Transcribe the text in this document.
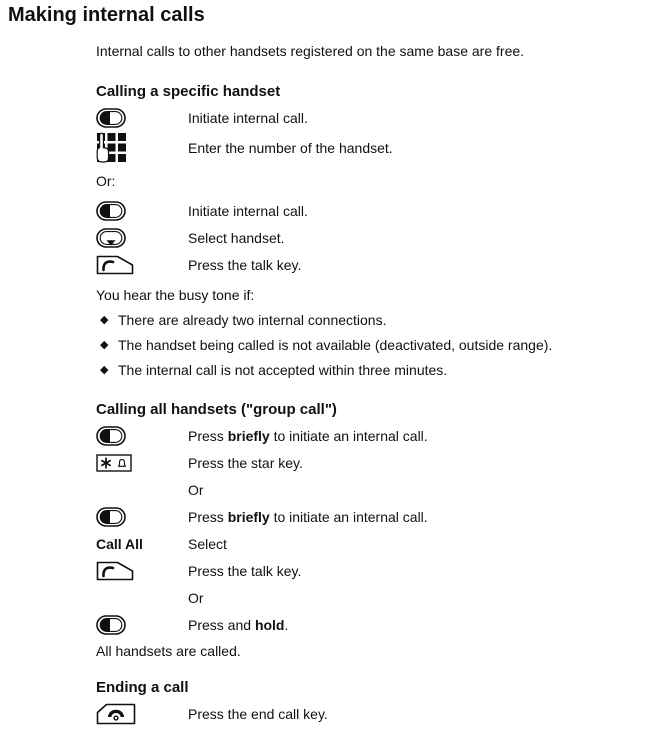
Making internal calls
Internal calls to other handsets registered on the same base are free.
Calling a specific handset
Initiate internal call.
Enter the number of the handset.
Or:
Initiate internal call.
Select handset.
Press the talk key.
You hear the busy tone if:
◆ There are already two internal connections.
◆ The handset being called is not available (deactivated, outside range).
◆ The internal call is not accepted within three minutes.
Calling all handsets ("group call")
Press briefly to initiate an internal call.
Press the star key.
Or
Press briefly to initiate an internal call.
Call All	Select
Press the talk key.
Or
Press and hold.
All handsets are called.
Ending a call
Press the end call key.
